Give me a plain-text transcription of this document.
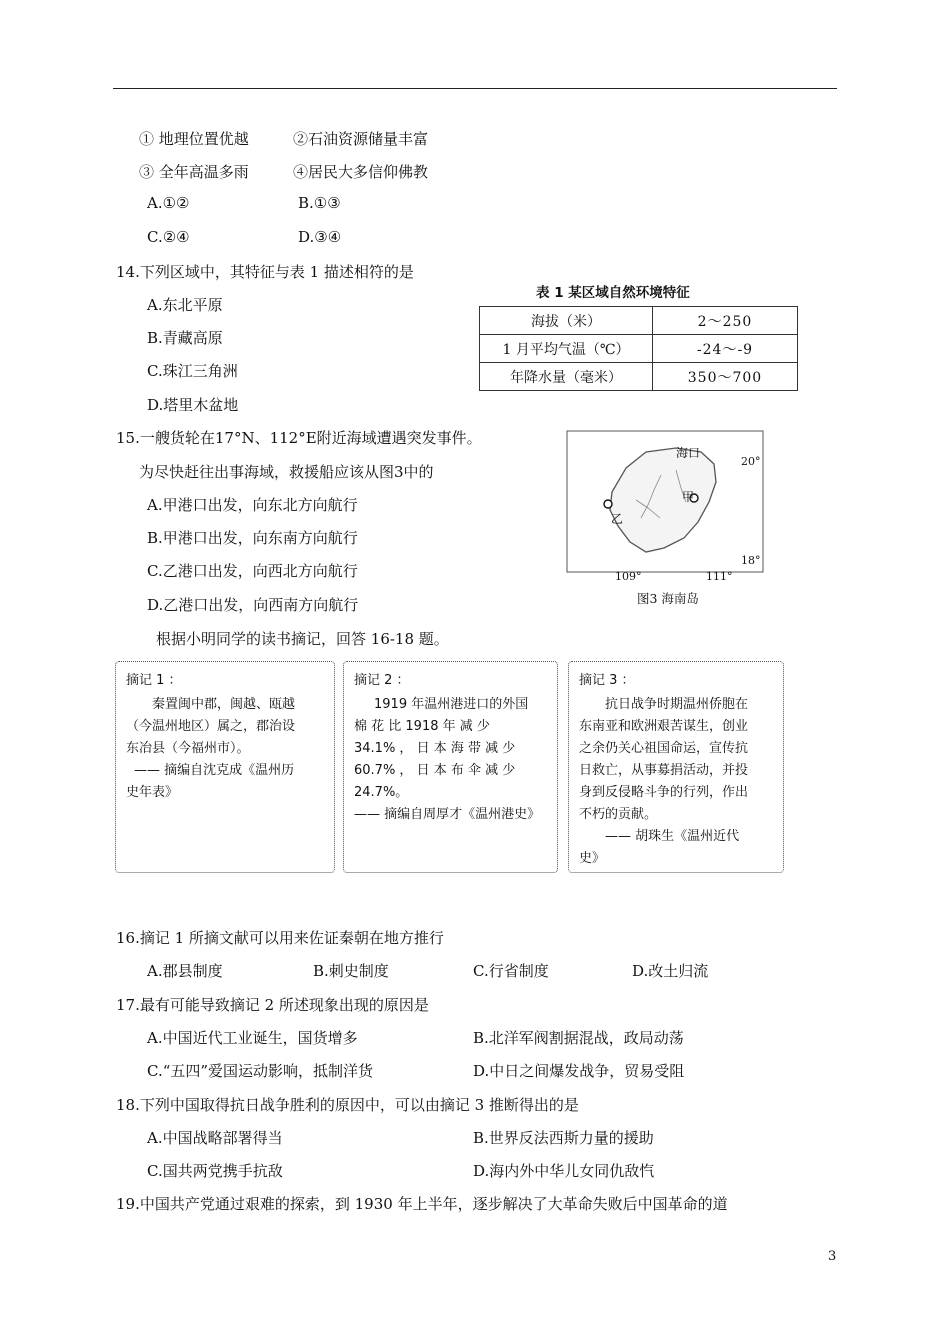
① 地理位置优越	②石油资源储量丰富
③ 全年高温多雨	④居民大多信仰佛教
A.①②	B.①③
C.②④	D.③④
14.下列区域中，其特征与表 1 描述相符的是
A.东北平原
B.青藏高原
C.珠江三角洲
D.塔里木盆地
表 1 某区域自然环境特征
海拔（米）	2～250
1 月平均气温（℃）	-24～-9
年降水量（毫米）	350～700
15.一艘货轮在17°N、112°E附近海域遭遇突发事件。
为尽快赶往出事海域，救援船应该从图3中的
A.甲港口出发，向东北方向航行
B.甲港口出发，向东南方向航行
C.乙港口出发，向西北方向航行
D.乙港口出发，向西南方向航行
海口
甲
乙
20°
18°
109°	111°
图3 海南岛
根据小明同学的读书摘记，回答 16-18 题。
摘记 1 ：
秦置闽中郡，闽越、瓯越
（今温州地区）属之，郡治设
东冶县（今福州市）。
—— 摘编自沈克成《温州历
史年表》
摘记 2 ：
1919 年温州港进口的外国
棉 花 比 1918 年 减 少
34.1% ， 日 本 海 带 减 少
60.7% ， 日 本 布 伞 减 少
24.7%。
—— 摘编自周厚才《温州港史》
摘记 3 ：
抗日战争时期温州侨胞在
东南亚和欧洲艰苦谋生，创业
之余仍关心祖国命运，宣传抗
日救亡，从事募捐活动，并投
身到反侵略斗争的行列，作出
不朽的贡献。
—— 胡珠生《温州近代
史》
16.摘记 1 所摘文献可以用来佐证秦朝在地方推行
A.郡县制度	B.刺史制度	C.行省制度	D.改土归流
17.最有可能导致摘记 2 所述现象出现的原因是
A.中国近代工业诞生，国货增多	B.北洋军阀割据混战，政局动荡
C.“五四”爱国运动影响，抵制洋货	D.中日之间爆发战争，贸易受阻
18.下列中国取得抗日战争胜利的原因中，可以由摘记 3 推断得出的是
A.中国战略部署得当	B.世界反法西斯力量的援助
C.国共两党携手抗敌	D.海内外中华儿女同仇敌忾
19.中国共产党通过艰难的探索，到 1930 年上半年，逐步解决了大革命失败后中国革命的道
3
